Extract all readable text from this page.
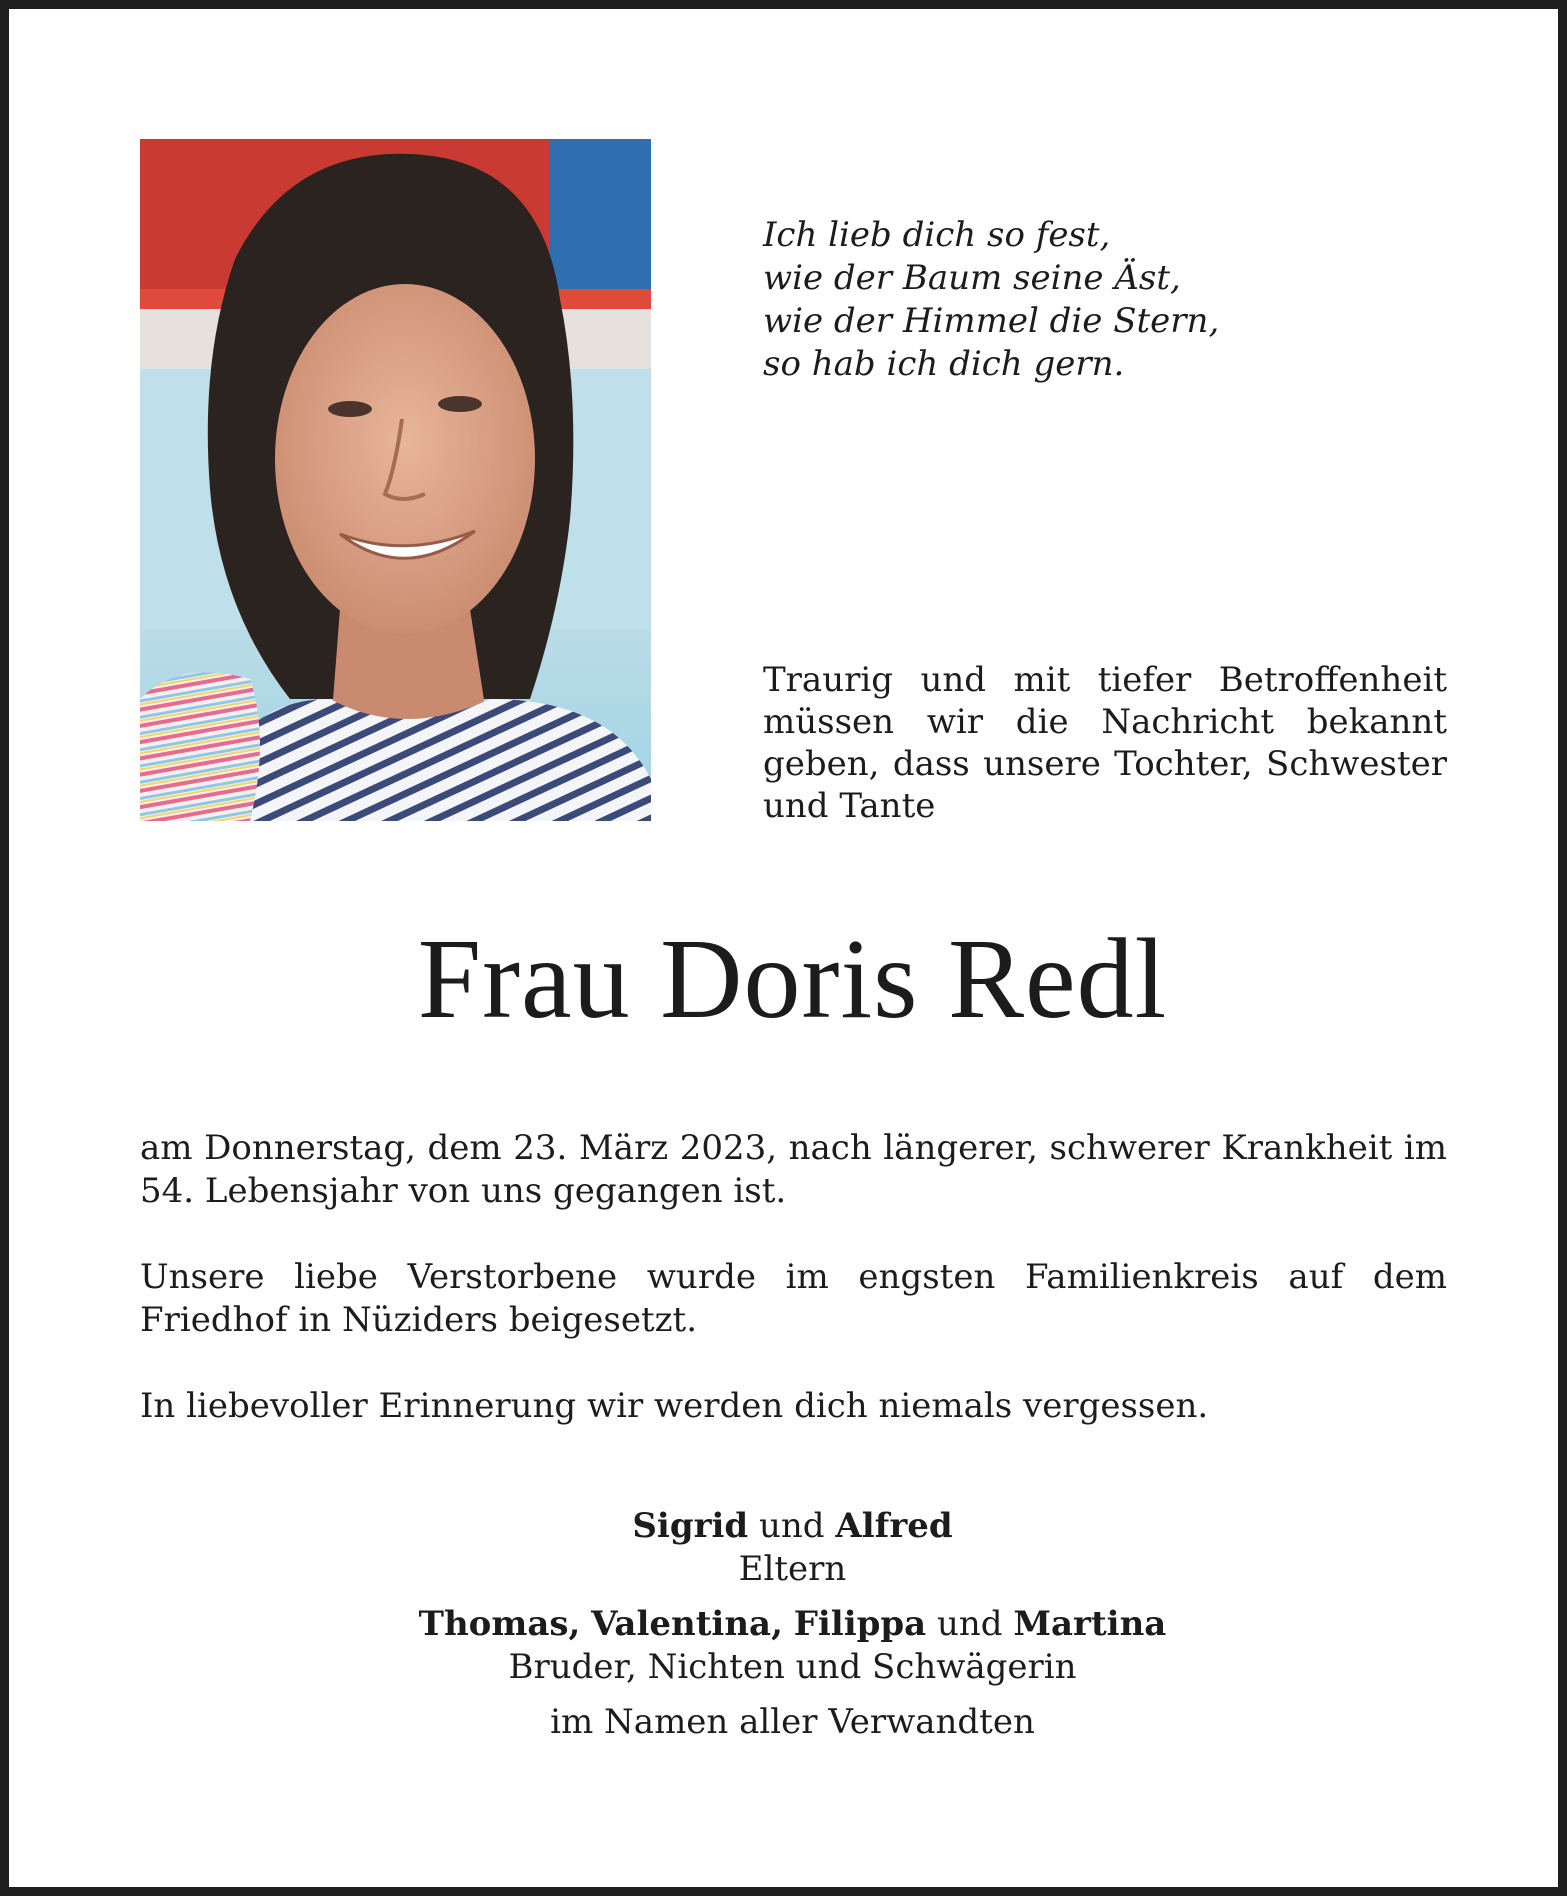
Ich lieb dich so fest,
wie der Baum seine Äst,
wie der Himmel die Stern,
so hab ich dich gern.
Traurig und mit tiefer Betroffenheit müssen wir die Nachricht bekannt geben, dass unsere Tochter, Schwester und Tante
Frau Doris Redl

am Donnerstag, dem 23. März 2023, nach längerer, schwerer Krankheit im 54. Lebensjahr von uns gegangen ist.

Unsere liebe Verstorbene wurde im engsten Familienkreis auf dem Friedhof in Nüziders beigesetzt.

In liebevoller Erinnerung wir werden dich niemals vergessen.

Sigrid und Alfred
Eltern
Thomas, Valentina, Filippa und Martina
Bruder, Nichten und Schwägerin
im Namen aller Verwandten
